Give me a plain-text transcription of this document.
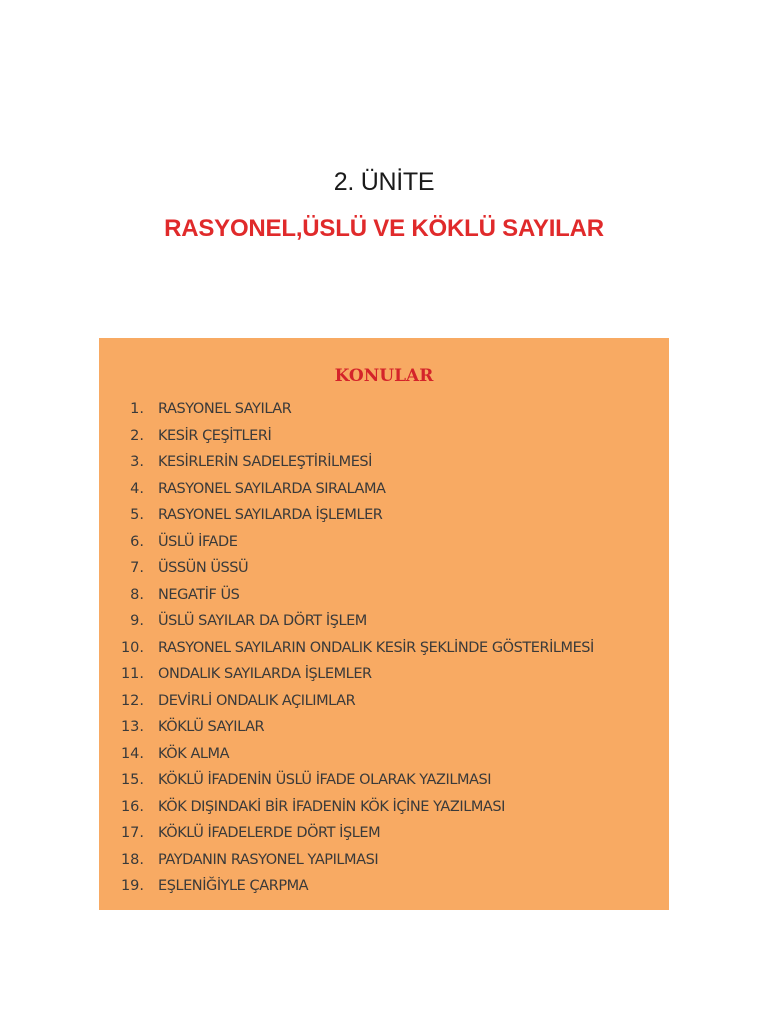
2. ÜNİTE
RASYONEL,ÜSLÜ VE KÖKLÜ SAYILAR
KONULAR
1. RASYONEL SAYILAR
2. KESİR ÇEŞİTLERİ
3. KESİRLERİN SADELEŞTİRİLMESİ
4. RASYONEL SAYILARDA SIRALAMA
5. RASYONEL SAYILARDA İŞLEMLER
6. ÜSLÜ İFADE
7. ÜSSÜN ÜSSÜ
8. NEGATİF ÜS
9. ÜSLÜ SAYILAR DA DÖRT İŞLEM
10. RASYONEL SAYILARIN ONDALIK KESİR ŞEKLİNDE GÖSTERİLMESİ
11. ONDALIK SAYILARDA İŞLEMLER
12. DEVİRLİ ONDALIK AÇILIMLAR
13. KÖKLÜ SAYILAR
14. KÖK ALMA
15. KÖKLÜ İFADENİN ÜSLÜ İFADE OLARAK YAZILMASI
16. KÖK DIŞINDAKİ BİR İFADENİN KÖK İÇİNE YAZILMASI
17. KÖKLÜ İFADELERDE DÖRT İŞLEM
18. PAYDANIN RASYONEL YAPILMASI
19. EŞLENİĞİYLE ÇARPMA
